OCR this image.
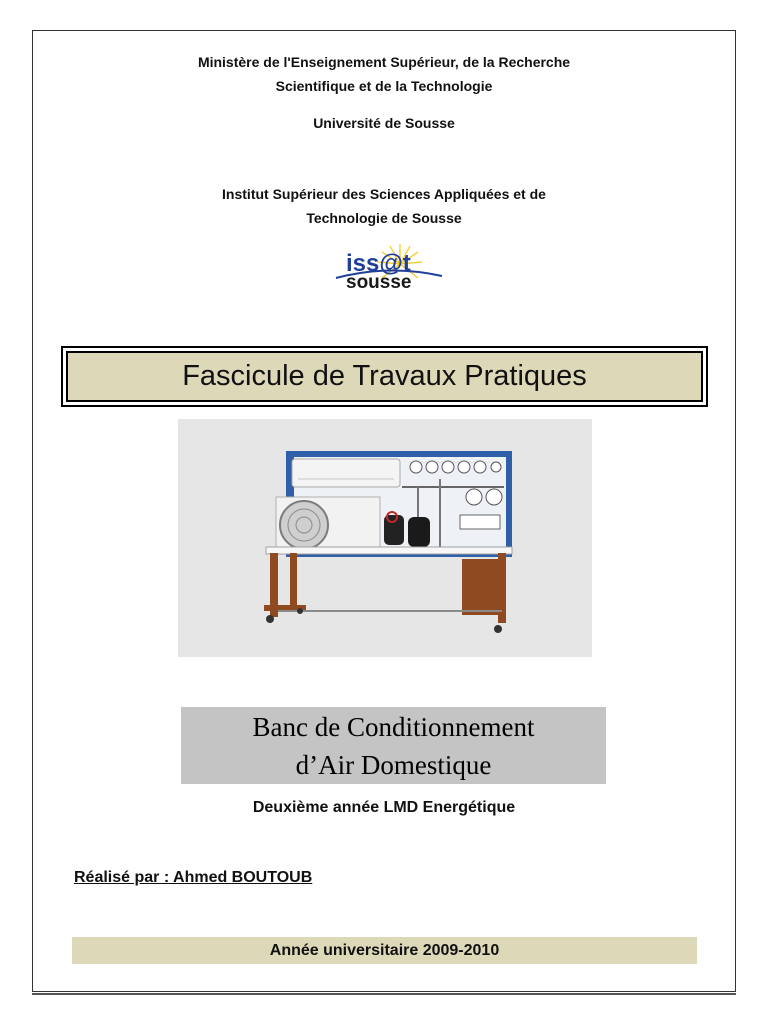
Ministère de l'Enseignement Supérieur, de la Recherche
Scientifique et de la Technologie
Université de Sousse
Institut Supérieur des Sciences Appliquées et de
Technologie de Sousse
iss@t
sousse
Fascicule de Travaux Pratiques
Banc de Conditionnement
d’Air Domestique
Deuxième année LMD Energétique
Réalisé par : Ahmed BOUTOUB
Année universitaire 2009-2010
